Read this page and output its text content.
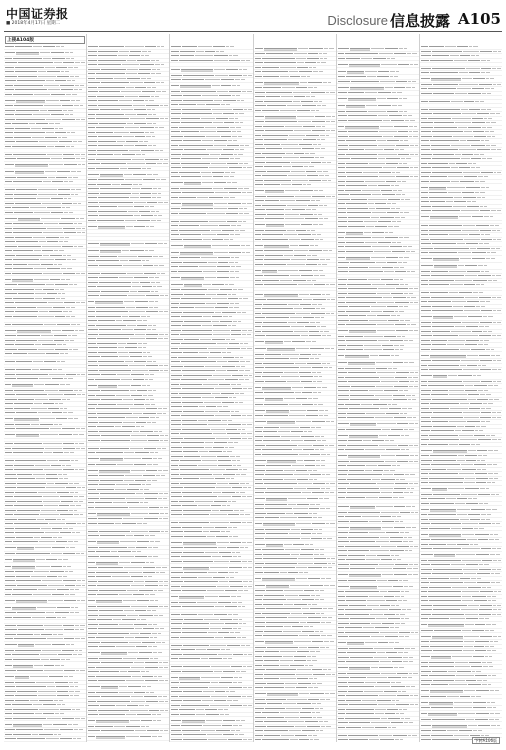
中国证券报
■ 2018年4月17日 星期二	Disclosure 信息披露 A105
上接A104版
下转A106版
